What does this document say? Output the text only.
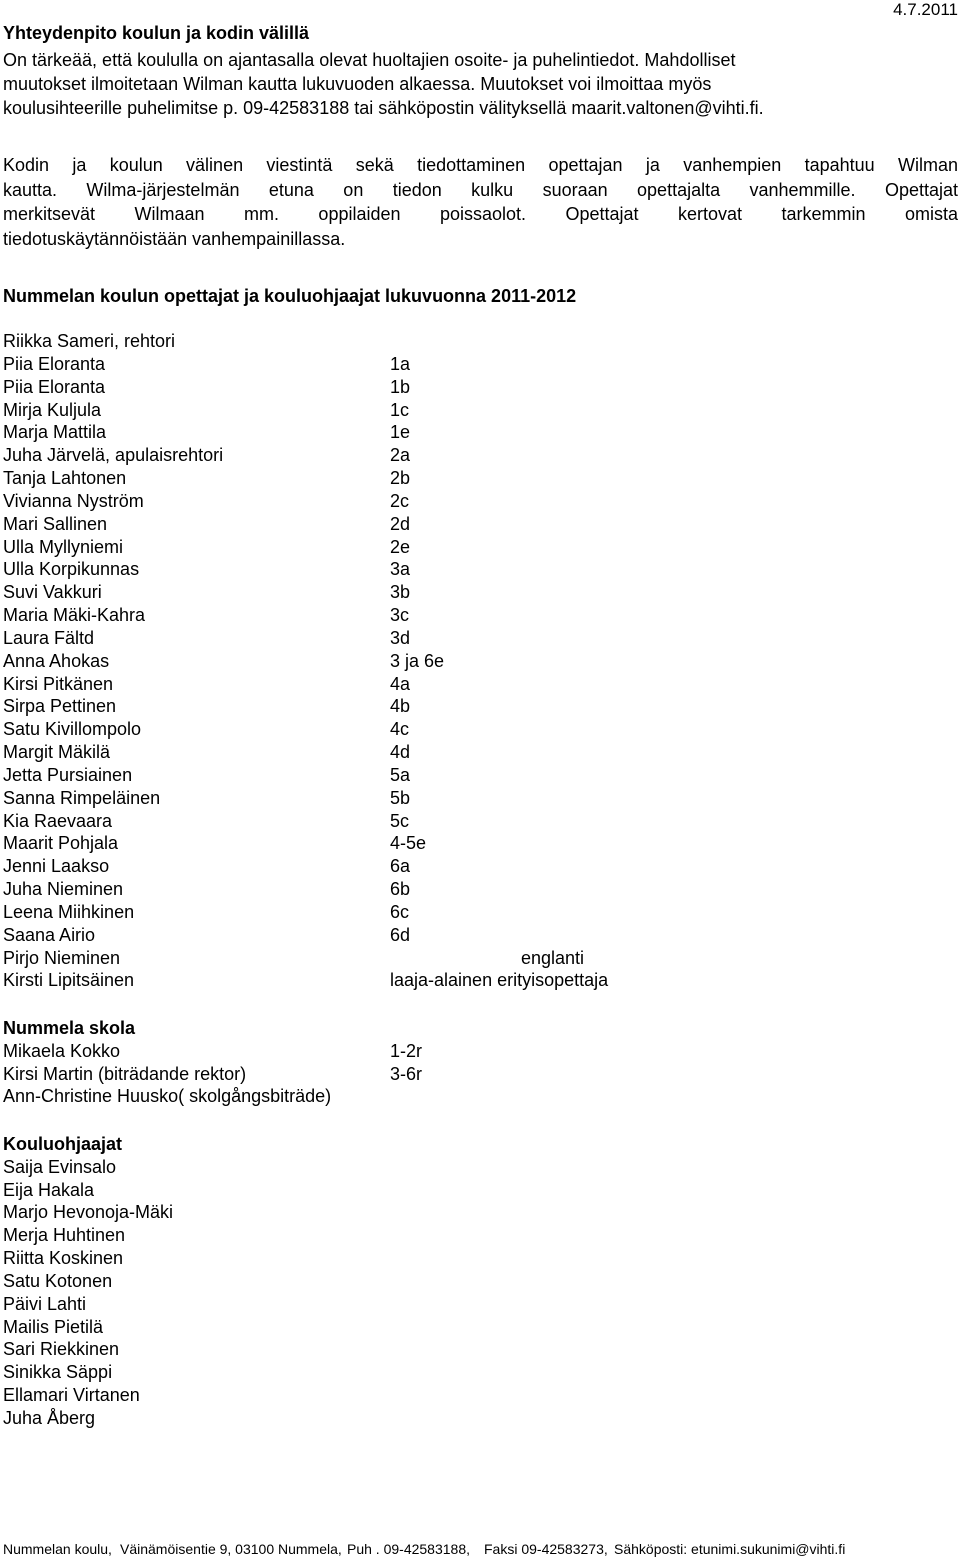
4.7.2011
Yhteydenpito koulun ja kodin välillä
On tärkeää, että koululla on ajantasalla olevat huoltajien osoite- ja puhelintiedot. Mahdolliset
muutokset ilmoitetaan Wilman kautta lukuvuoden alkaessa. Muutokset voi ilmoittaa myös
koulusihteerille puhelimitse p. 09-42583188 tai sähköpostin välityksellä maarit.valtonen@vihti.fi.
Kodin ja koulun välinen viestintä sekä tiedottaminen opettajan ja vanhempien tapahtuu Wilman
kautta. Wilma-järjestelmän etuna on tiedon kulku suoraan opettajalta vanhemmille. Opettajat
merkitsevät Wilmaan mm. oppilaiden poissaolot. Opettajat kertovat tarkemmin omista
tiedotuskäytännöistään vanhempainillassa.
Nummelan koulun opettajat ja kouluohjaajat lukuvuonna 2011-2012
Riikka Sameri, rehtori
Piia Eloranta	1a
Piia Eloranta	1b
Mirja Kuljula	1c
Marja Mattila	1e
Juha Järvelä, apulaisrehtori	2a
Tanja Lahtonen	2b
Vivianna Nyström	2c
Mari Sallinen	2d
Ulla Myllyniemi	2e
Ulla Korpikunnas	3a
Suvi Vakkuri	3b
Maria Mäki-Kahra	3c
Laura Fältd	3d
Anna Ahokas	3 ja 6e
Kirsi Pitkänen	4a
Sirpa Pettinen	4b
Satu Kivillompolo	4c
Margit Mäkilä	4d
Jetta Pursiainen	5a
Sanna Rimpeläinen	5b
Kia Raevaara	5c
Maarit Pohjala	4-5e
Jenni Laakso	6a
Juha Nieminen	6b
Leena Miihkinen	6c
Saana Airio	6d
Pirjo Nieminen	englanti
Kirsti Lipitsäinen	laaja-alainen erityisopettaja
Nummela skola
Mikaela Kokko	1-2r
Kirsi Martin (biträdande rektor)	3-6r
Ann-Christine Huusko( skolgångsbiträde)
Kouluohjaajat
Saija Evinsalo
Eija Hakala
Marjo Hevonoja-Mäki
Merja Huhtinen
Riitta Koskinen
Satu Kotonen
Päivi Lahti
Mailis Pietilä
Sari Riekkinen
Sinikka Säppi
Ellamari Virtanen
Juha Åberg
Nummelan koulu, Väinämöisentie 9, 03100 Nummela, Puh . 09-42583188, Faksi 09-42583273, Sähköposti: etunimi.sukunimi@vihti.fi
